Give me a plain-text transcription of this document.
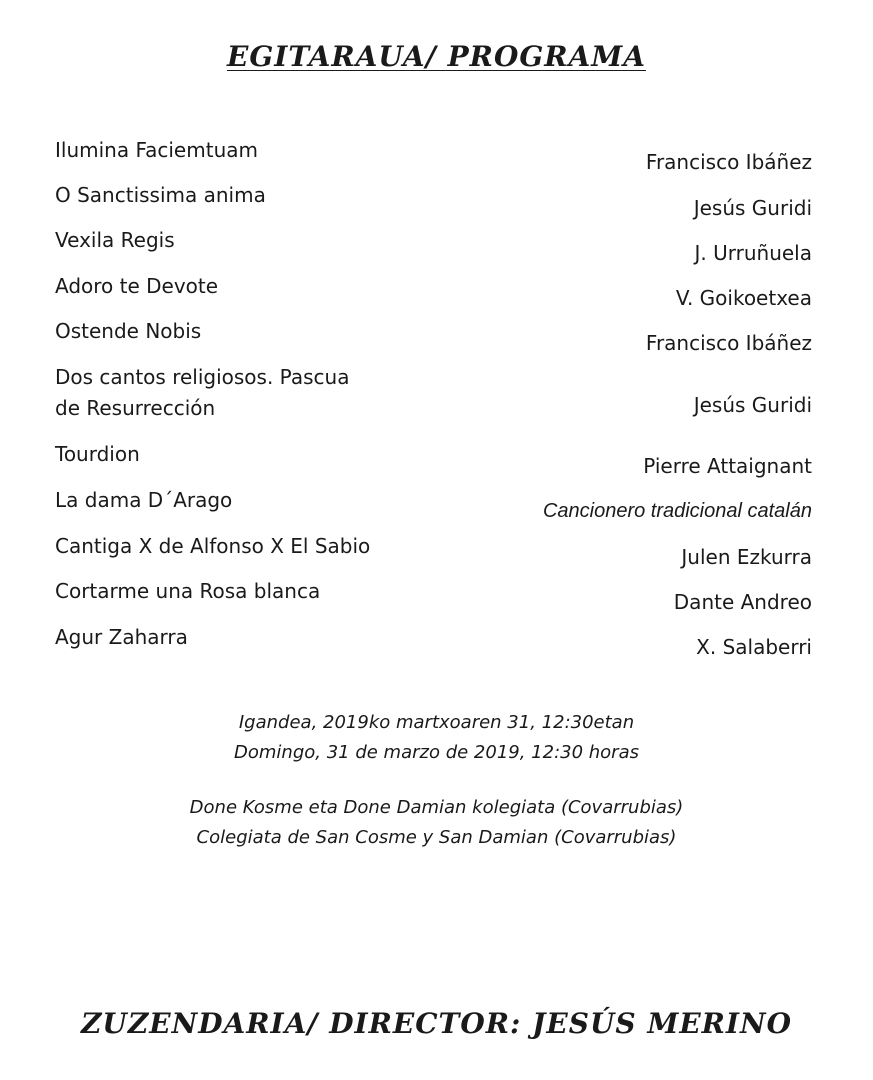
EGITARAUA/ PROGRAMA
Ilumina Faciemtuam
O Sanctissima anima
Vexila Regis
Adoro te Devote
Ostende Nobis
Dos cantos religiosos. Pascua
de Resurrección
Tourdion
La dama D´Arago
Cantiga X de Alfonso X El Sabio
Cortarme una Rosa blanca
Agur Zaharra
Francisco Ibáñez
Jesús Guridi
J. Urruñuela
V. Goikoetxea
Francisco Ibáñez
Jesús Guridi
Pierre Attaignant
Cancionero tradicional catalán
Julen Ezkurra
Dante Andreo
X. Salaberri
Igandea, 2019ko martxoaren 31, 12:30etan
Domingo, 31 de marzo de 2019, 12:30 horas
Done Kosme eta Done Damian kolegiata (Covarrubias)
Colegiata de San Cosme y San Damian (Covarrubias)
ZUZENDARIA/ DIRECTOR: JESÚS MERINO
